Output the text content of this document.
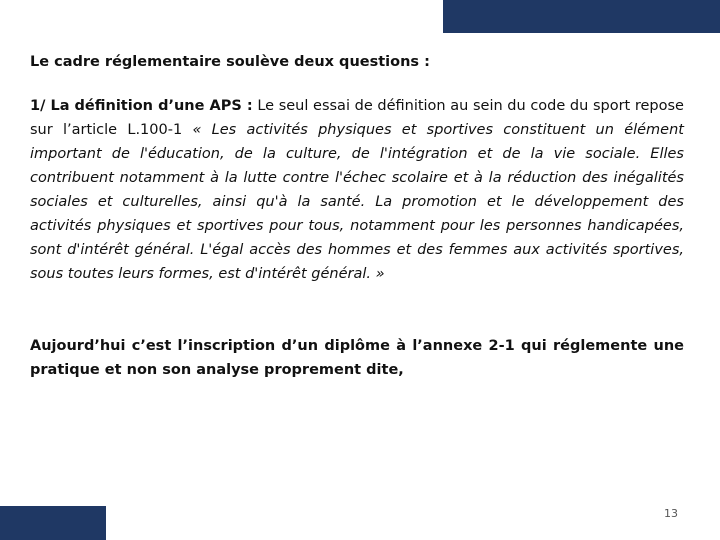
Le cadre réglementaire soulève deux questions :

1/ La définition d’une APS : Le seul essai de définition au sein du code du sport repose sur l’article L.100-1 « Les activités physiques et sportives constituent un élément important de l'éducation, de la culture, de l'intégration et de la vie sociale. Elles contribuent notamment à la lutte contre l'échec scolaire et à la réduction des inégalités sociales et culturelles, ainsi qu'à la santé. La promotion et le développement des activités physiques et sportives pour tous, notamment pour les personnes handicapées, sont d'intérêt général. L'égal accès des hommes et des femmes aux activités sportives, sous toutes leurs formes, est d'intérêt général. »

Aujourd’hui c’est l’inscription d’un diplôme à l’annexe 2-1 qui réglemente une pratique et non son analyse proprement dite,

13
